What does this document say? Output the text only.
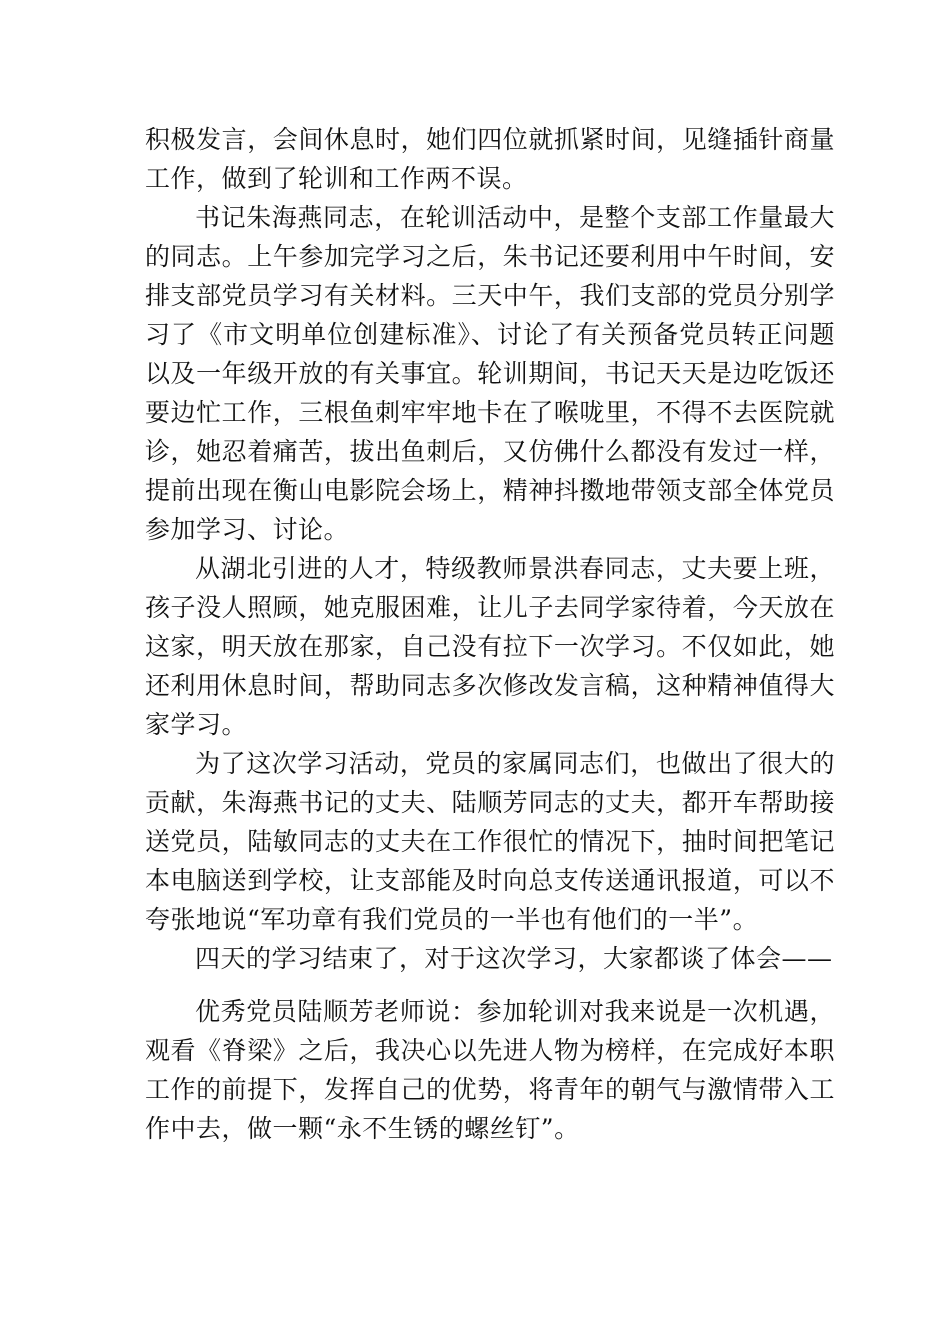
积极发言，会间休息时，她们四位就抓紧时间，见缝插针商量工作，做到了轮训和工作两不误。

书记朱海燕同志，在轮训活动中，是整个支部工作量最大的同志。上午参加完学习之后，朱书记还要利用中午时间，安排支部党员学习有关材料。三天中午，我们支部的党员分别学习了《市文明单位创建标准》、讨论了有关预备党员转正问题以及一年级开放的有关事宜。轮训期间，书记天天是边吃饭还要边忙工作，三根鱼刺牢牢地卡在了喉咙里，不得不去医院就诊，她忍着痛苦，拔出鱼刺后，又仿佛什么都没有发过一样，提前出现在衡山电影院会场上，精神抖擞地带领支部全体党员参加学习、讨论。

从湖北引进的人才，特级教师景洪春同志，丈夫要上班，孩子没人照顾，她克服困难，让儿子去同学家待着，今天放在这家，明天放在那家，自己没有拉下一次学习。不仅如此，她还利用休息时间，帮助同志多次修改发言稿，这种精神值得大家学习。

为了这次学习活动，党员的家属同志们，也做出了很大的贡献，朱海燕书记的丈夫、陆顺芳同志的丈夫，都开车帮助接送党员，陆敏同志的丈夫在工作很忙的情况下，抽时间把笔记本电脑送到学校，让支部能及时向总支传送通讯报道，可以不夸张地说“军功章有我们党员的一半也有他们的一半”。

四天的学习结束了，对于这次学习，大家都谈了体会——

优秀党员陆顺芳老师说：参加轮训对我来说是一次机遇，观看《脊梁》之后，我决心以先进人物为榜样，在完成好本职工作的前提下，发挥自己的优势，将青年的朝气与激情带入工作中去，做一颗“永不生锈的螺丝钉”。
